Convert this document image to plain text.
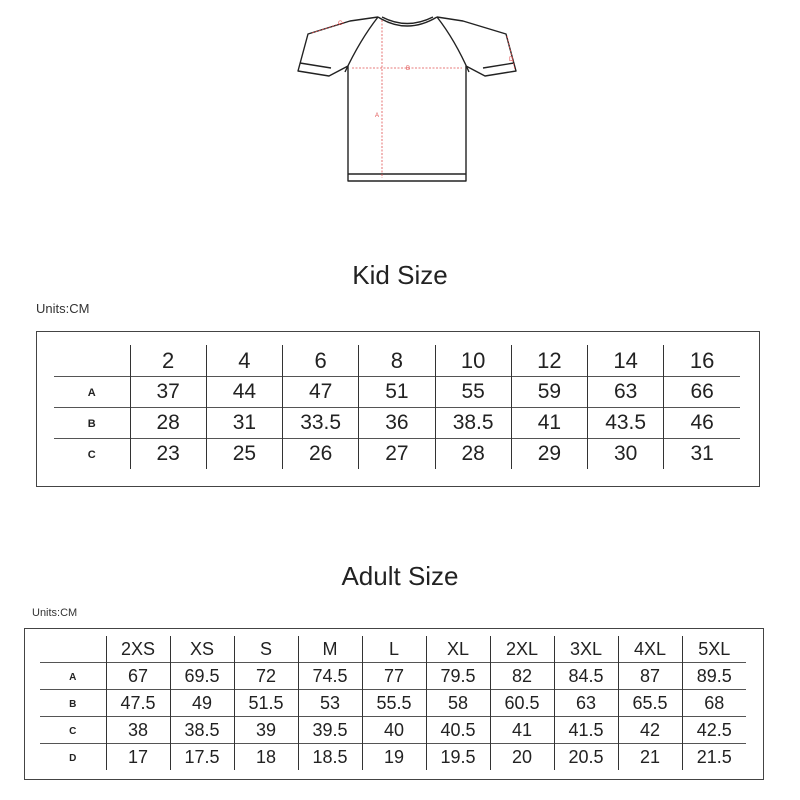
C
B
D
A
Kid Size
Units:CM
	2	4	6	8	10	12	14	16
A	37	44	47	51	55	59	63	66
B	28	31	33.5	36	38.5	41	43.5	46
C	23	25	26	27	28	29	30	31
Adult Size
Units:CM
	2XS	XS	S	M	L	XL	2XL	3XL	4XL	5XL
A	67	69.5	72	74.5	77	79.5	82	84.5	87	89.5
B	47.5	49	51.5	53	55.5	58	60.5	63	65.5	68
C	38	38.5	39	39.5	40	40.5	41	41.5	42	42.5
D	17	17.5	18	18.5	19	19.5	20	20.5	21	21.5
